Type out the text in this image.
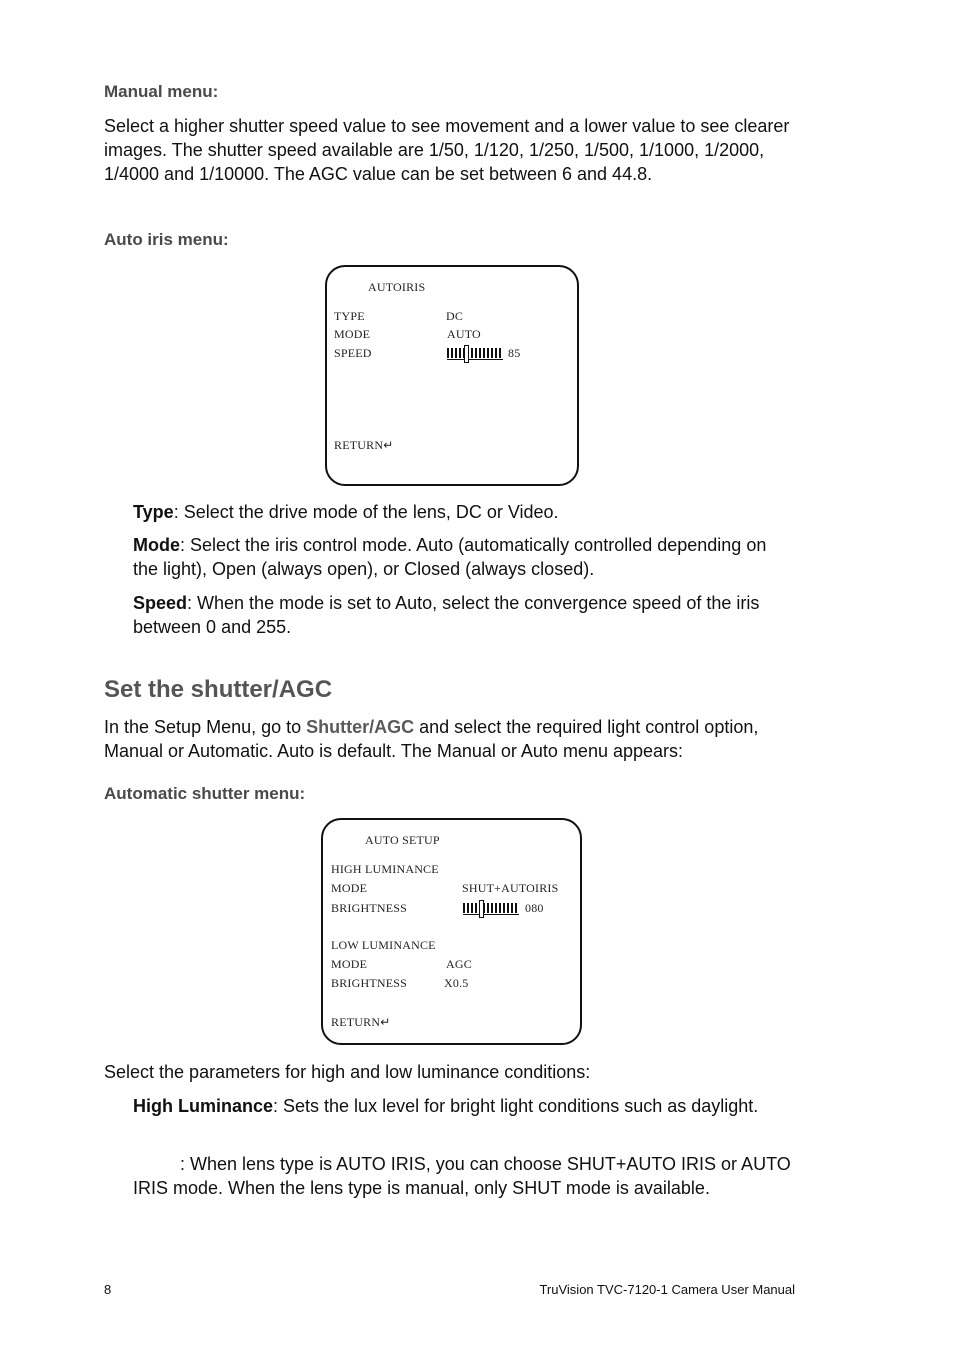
Manual menu:
Select a higher shutter speed value to see movement and a lower value to see clearer images. The shutter speed available are 1/50, 1/120, 1/250, 1/500, 1/1000, 1/2000, 1/4000 and 1/10000. The AGC value can be set between 6 and 44.8.
Auto iris menu:
AUTOIRIS
TYPE	DC
MODE	AUTO
SPEED	85
RETURN↵
Type: Select the drive mode of the lens, DC or Video.
Mode: Select the iris control mode. Auto (automatically controlled depending on the light), Open (always open), or Closed (always closed).
Speed: When the mode is set to Auto, select the convergence speed of the iris between 0 and 255.
Set the shutter/AGC
In the Setup Menu, go to Shutter/AGC and select the required light control option, Manual or Automatic. Auto is default. The Manual or Auto menu appears:
Automatic shutter menu:
AUTO SETUP
HIGH LUMINANCE
MODE	SHUT+AUTOIRIS
BRIGHTNESS	080
LOW LUMINANCE
MODE	AGC
BRIGHTNESS	X0.5
RETURN↵
Select the parameters for high and low luminance conditions:
High Luminance: Sets the lux level for bright light conditions such as daylight.
: When lens type is AUTO IRIS, you can choose SHUT+AUTO IRIS or AUTO IRIS mode. When the lens type is manual, only SHUT mode is available.
8	TruVision TVC-7120-1 Camera User Manual
